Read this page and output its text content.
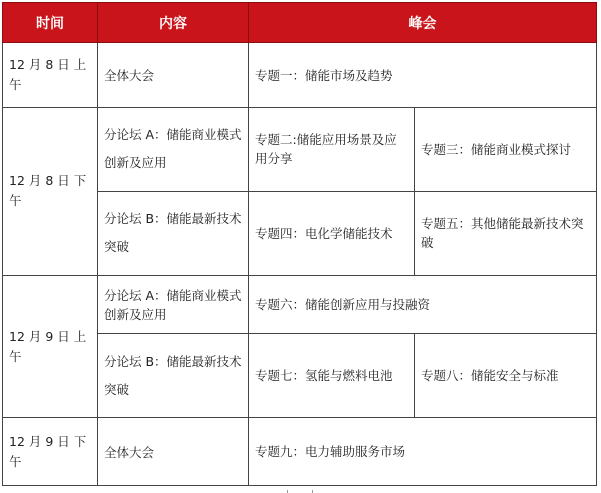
时间	内容	峰会	
12 月 8 日 上午	全体大会	专题一：储能市场及趋势	
12 月 8 日 下午	分论坛 A：储能商业模式创新及应用	专题二:储能应用场景及应用分享	专题三：储能商业模式探讨
	分论坛 B：储能最新技术突破	专题四：电化学储能技术	专题五：其他储能最新技术突破
12 月 9 日 上午	分论坛 A：储能商业模式创新及应用	专题六：储能创新应用与投融资	
	分论坛 B：储能最新技术突破	专题七：氢能与燃料电池	专题八：储能安全与标准
12 月 9 日 下午	全体大会	专题九：电力辅助服务市场	
